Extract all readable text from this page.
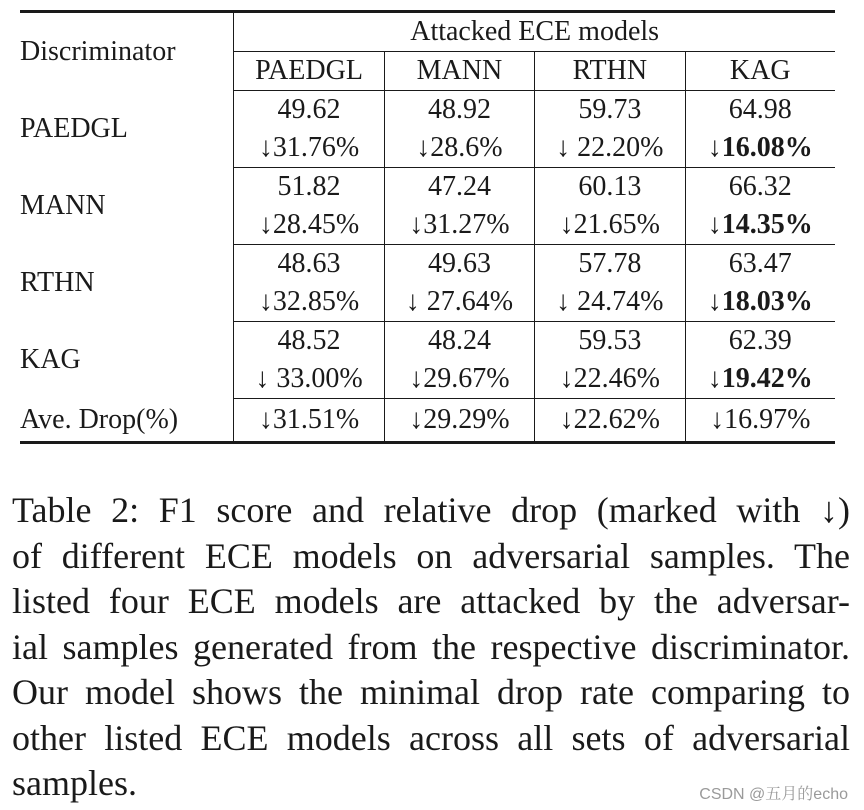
Discriminator	Attacked ECE models			
	PAEDGL	MANN	RTHN	KAG
PAEDGL	49.62	48.92	59.73	64.98
	↓31.76%	↓28.6%	↓ 22.20%	↓16.08%
MANN	51.82	47.24	60.13	66.32
	↓28.45%	↓31.27%	↓21.65%	↓14.35%
RTHN	48.63	49.63	57.78	63.47
	↓32.85%	↓ 27.64%	↓ 24.74%	↓18.03%
KAG	48.52	48.24	59.53	62.39
	↓ 33.00%	↓29.67%	↓22.46%	↓19.42%
Ave. Drop(%)	↓31.51%	↓29.29%	↓22.62%	↓16.97%
Table 2: F1 score and relative drop (marked with ↓)
of different ECE models on adversarial samples. The
listed four ECE models are attacked by the adversar-
ial samples generated from the respective discriminator.
Our model shows the minimal drop rate comparing to
other listed ECE models across all sets of adversarial
samples.	CSDN @五月的echo
